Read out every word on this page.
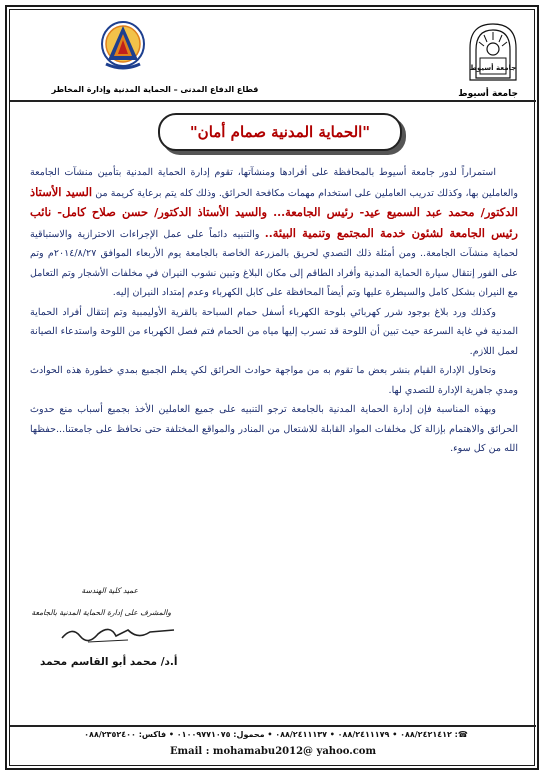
جامعة أسيوط
جامعة أسيوط
قطاع الدفاع المدنى – الحماية المدنية وإدارة المخاطر
"الحماية المدنية صمام أمان"

استمراراً لدور جامعة أسيوط بالمحافظة على أفرادها ومنشآتها، تقوم إدارة الحماية المدنية بتأمين منشآت الجامعة والعاملين بها، وكذلك تدريب العاملين على استخدام مهمات مكافحة الحرائق. وذلك كله يتم برعاية كريمة من السيد الأستاذ الدكتور/ محمد عبد السميع عيد- رئيس الجامعة... والسيد الأستاذ الدكتور/ حسن صلاح كامل- نائب رئيس الجامعة لشئون خدمة المجتمع وتنمية البيئة.. والتنبيه دائماً على عمل الإجراءات الاحترازية والاستباقية لحماية منشآت الجامعة.. ومن أمثلة ذلك التصدي لحريق بالمزرعة الخاصة بالجامعة يوم الأربعاء الموافق ٢٠١٤/٨/٢٧م وتم على الفور إنتقال سيارة الحماية المدنية وأفراد الطاقم إلى مكان البلاغ وتبين نشوب النيران في مخلفات الأشجار وتم التعامل مع النيران بشكل كامل والسيطرة عليها وتم أيضاً المحافظة على كابل الكهرباء وعدم إمتداد النيران إليه.

وكذلك ورد بلاغ بوجود شرر كهربائي بلوحة الكهرباء أسفل حمام السباحة بالقرية الأوليمبية وتم إنتقال أفراد الحماية المدنية في غاية السرعة حيث تبين أن اللوحة قد تسرب إليها مياه من الحمام فتم فصل الكهرباء من اللوحة واستدعاء الصيانة لعمل اللازم.

وتحاول الإدارة القيام بنشر بعض ما تقوم به من مواجهة حوادث الحرائق لكي يعلم الجميع بمدي خطورة هذه الحوادث ومدي جاهزية الإدارة للتصدي لها.

وبهذه المناسبة فإن إدارة الحماية المدنية بالجامعة ترجو التنبيه على جميع العاملين الأخذ بجميع أسباب منع حدوث الحرائق والاهتمام بإزالة كل مخلفات المواد القابلة للاشتعال من المنادر والمواقع المختلفة حتى نحافظ على جامعتنا...حفظها الله من كل سوء.

عميد كلية الهندسة
والمشرف على إدارة الحماية المدنية بالجامعة
أ.د/ محمد أبو القاسم محمد
☎: ٠٨٨/٢٤٢١٤١٢ • ٠٨٨/٢٤١١١٧٩ • ٠٨٨/٢٤١١١٣٧ • محمول: ٠١٠٠٩٧٧١٠٧٥ • فاكس: ٠٨٨/٢٣٥٢٤٠٠
Email : mohamabu2012@ yahoo.com
